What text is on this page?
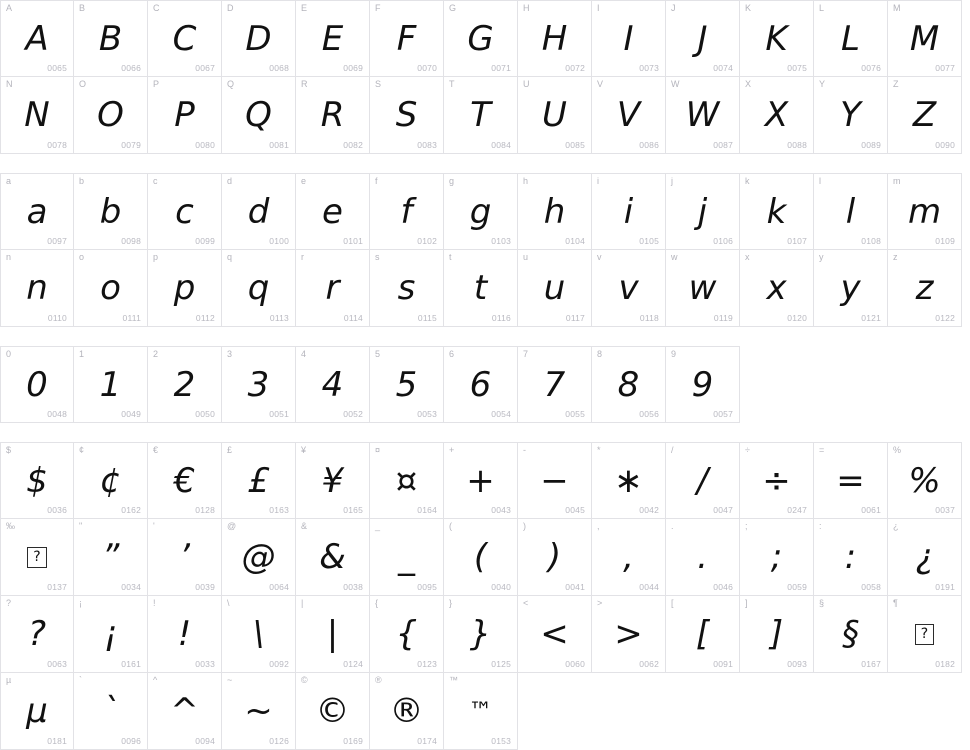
A
A
0065
B
B
0066
C
C
0067
D
D
0068
E
E
0069
F
F
0070
G
G
0071
H
H
0072
I
I
0073
J
J
0074
K
K
0075
L
L
0076
M
M
0077
N
N
0078
O
O
0079
P
P
0080
Q
Q
0081
R
R
0082
S
S
0083
T
T
0084
U
U
0085
V
V
0086
W
W
0087
X
X
0088
Y
Y
0089
Z
Z
0090
a
a
0097
b
b
0098
c
c
0099
d
d
0100
e
e
0101
f
f
0102
g
g
0103
h
h
0104
i
i
0105
j
j
0106
k
k
0107
l
l
0108
m
m
0109
n
n
0110
o
o
0111
p
p
0112
q
q
0113
r
r
0114
s
s
0115
t
t
0116
u
u
0117
v
v
0118
w
w
0119
x
x
0120
y
y
0121
z
z
0122
0
0
0048
1
1
0049
2
2
0050
3
3
0051
4
4
0052
5
5
0053
6
6
0054
7
7
0055
8
8
0056
9
9
0057
$
$
0036
¢
¢
0162
€
€
0128
£
£
0163
¥
¥
0165
¤
¤
0164
+
+
0043
-
−
0045
*
∗
0042
/
/
0047
÷
÷
0247
=
=
0061
%
%
0037
‰
?
0137
"
”
0034
'
’
0039
@
@
0064
&
&
0038
_
_
0095
(
(
0040
)
)
0041
,
,
0044
.
.
0046
;
;
0059
:
:
0058
¿
¿
0191
?
?
0063
¡
¡
0161
!
!
0033
\
\
0092
|
|
0124
{
{
0123
}
}
0125
<
<
0060
>
>
0062
[
[
0091
]
]
0093
§
§
0167
¶
?
0182
µ
µ
0181
`
`
0096
^
^
0094
~
~
0126
©
©
0169
®
®
0174
™
™
0153
